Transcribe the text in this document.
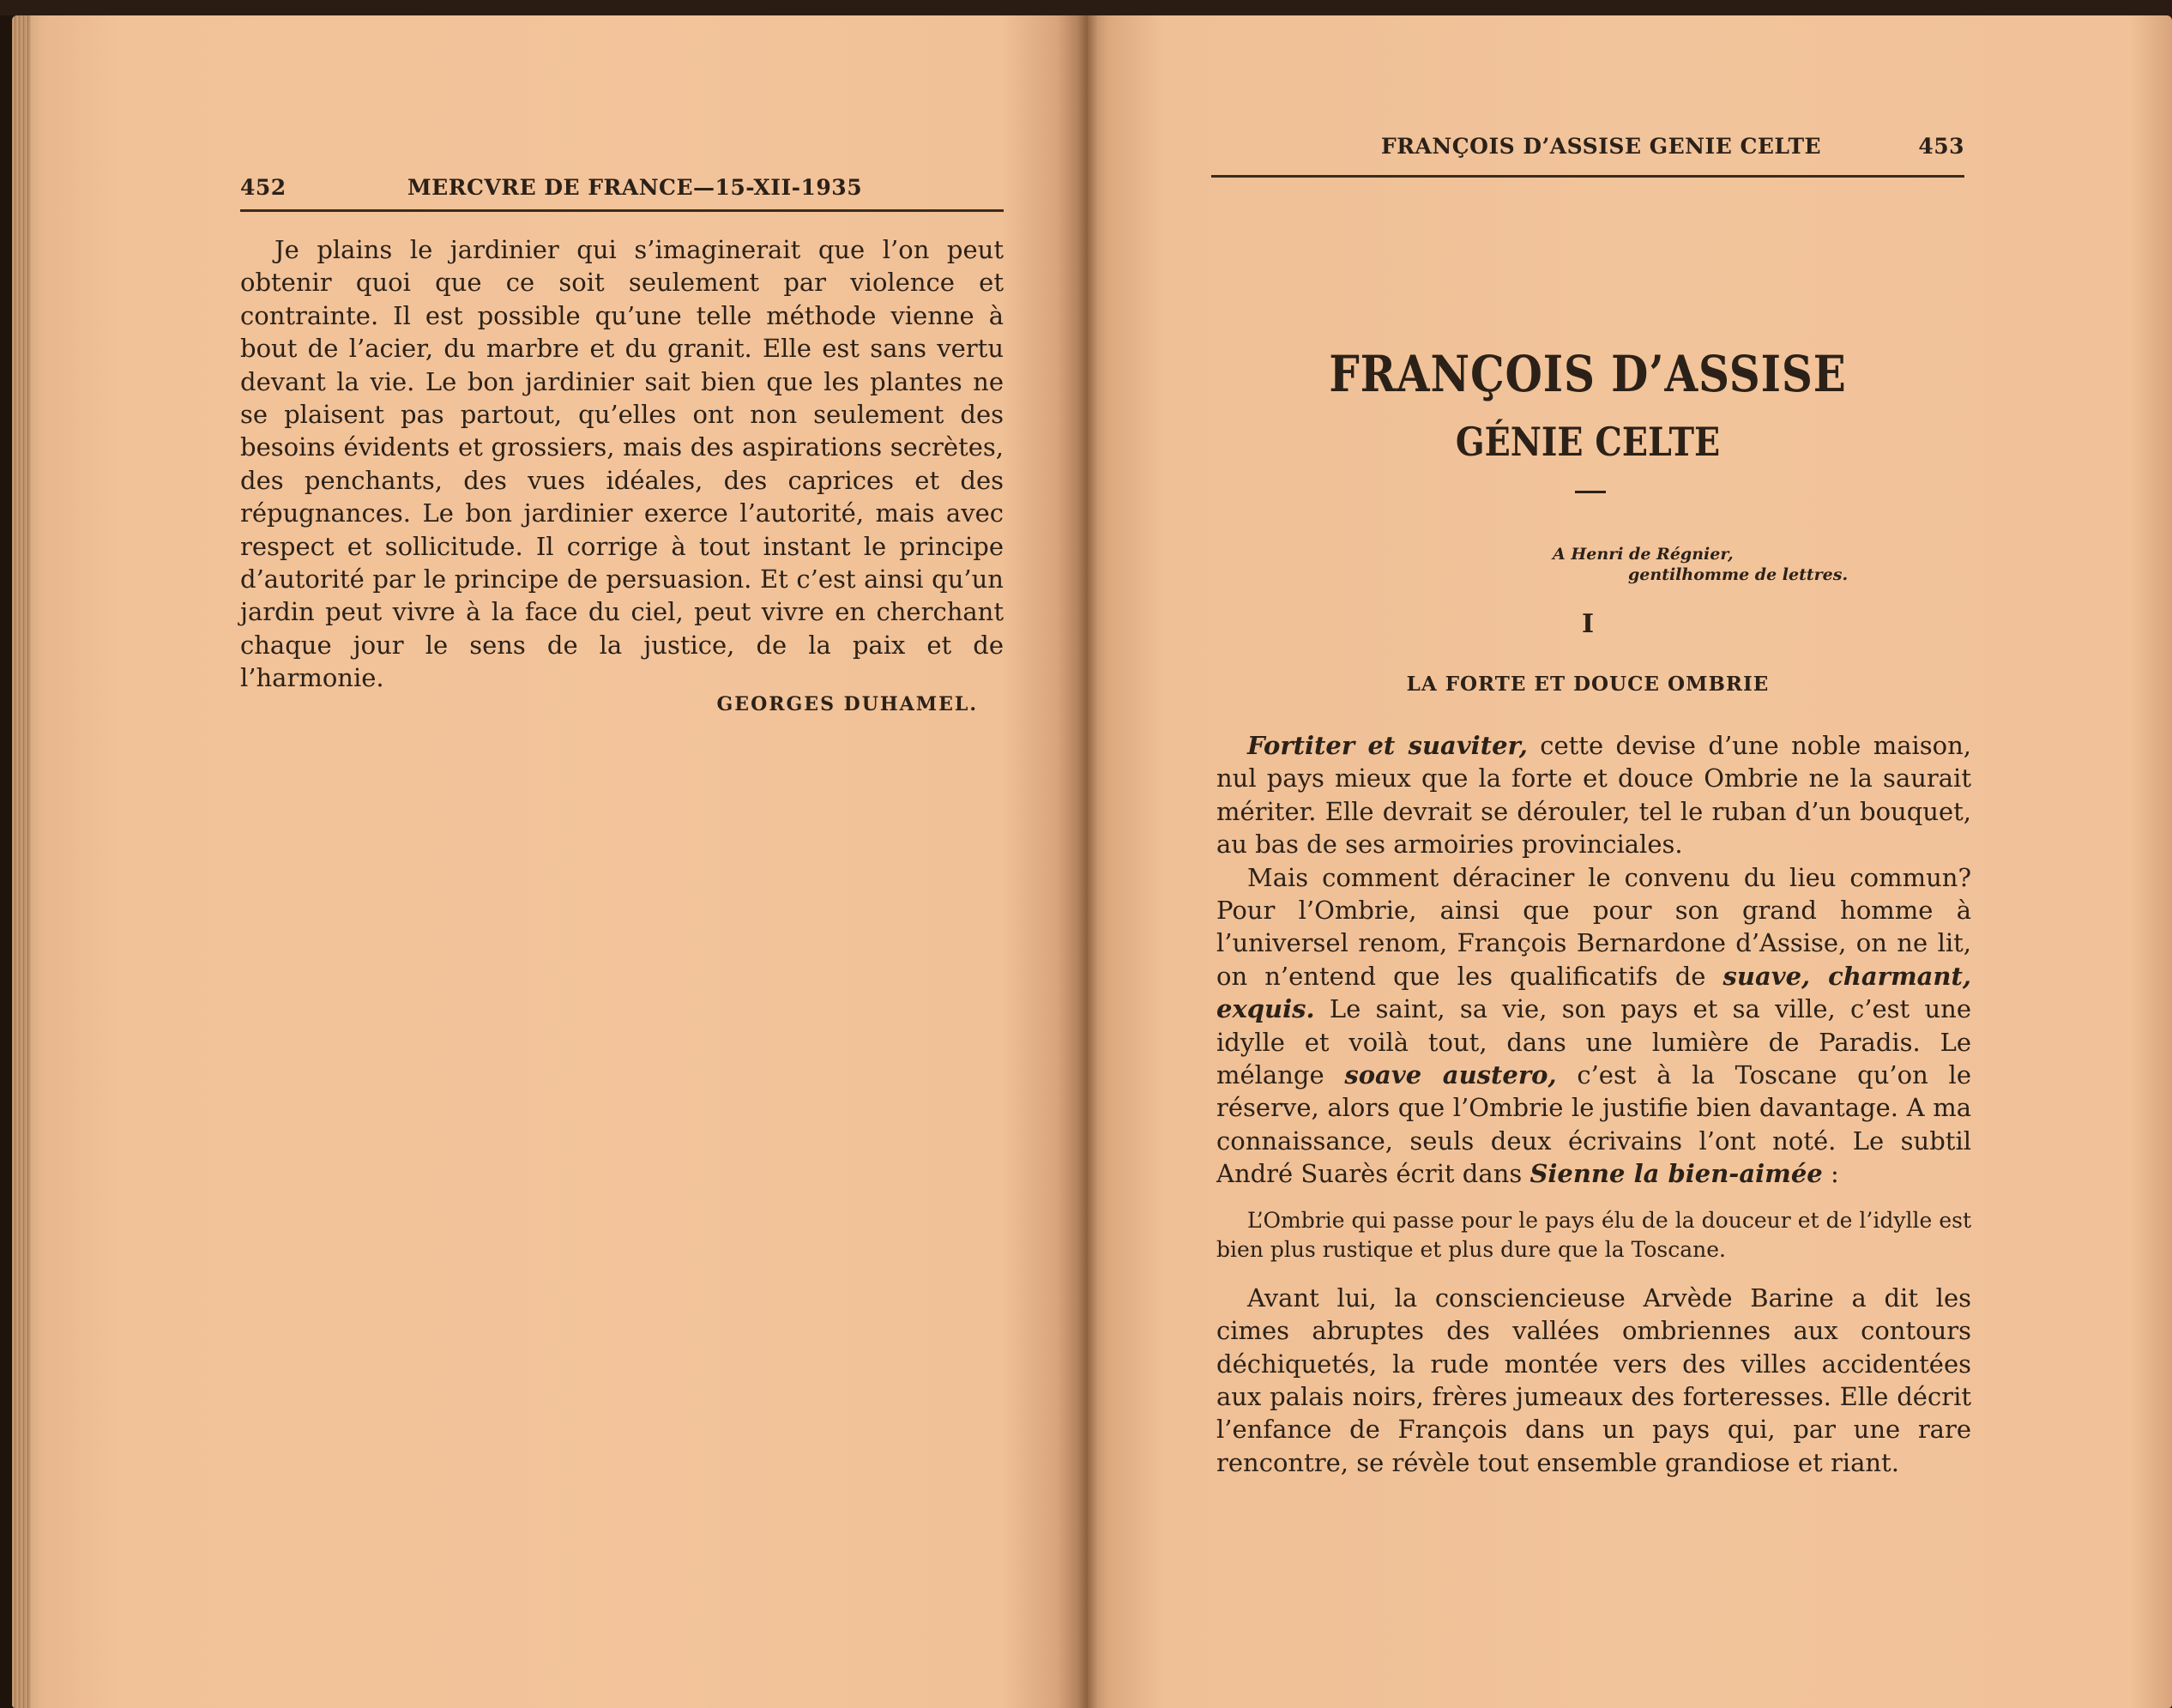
452	MERCVRE DE FRANCE—15-XII-1935

Je plains le jardinier qui s’imaginerait que l’on peut obtenir quoi que ce soit seulement par violence et contrainte. Il est possible qu’une telle méthode vienne à bout de l’acier, du marbre et du granit. Elle est sans vertu devant la vie. Le bon jardinier sait bien que les plantes ne se plaisent pas partout, qu’elles ont non seulement des besoins évidents et grossiers, mais des aspirations secrètes, des penchants, des vues idéales, des caprices et des répugnances. Le bon jardinier exerce l’autorité, mais avec respect et sollicitude. Il corrige à tout instant le principe d’autorité par le principe de persuasion. Et c’est ainsi qu’un jardin peut vivre à la face du ciel, peut vivre en cherchant chaque jour le sens de la justice, de la paix et de l’harmonie.

GEORGES DUHAMEL.
FRANÇOIS D’ASSISE GENIE CELTE	453
FRANÇOIS D’ASSISE
GÉNIE CELTE
A Henri de Régnier,
gentilhomme de lettres.
I
LA FORTE ET DOUCE OMBRIE

Fortiter et suaviter, cette devise d’une noble maison, nul pays mieux que la forte et douce Ombrie ne la saurait mériter. Elle devrait se dérouler, tel le ruban d’un bouquet, au bas de ses armoiries provinciales.

Mais comment déraciner le convenu du lieu commun? Pour l’Ombrie, ainsi que pour son grand homme à l’universel renom, François Bernardone d’Assise, on ne lit, on n’entend que les qualificatifs de suave, charmant, exquis. Le saint, sa vie, son pays et sa ville, c’est une idylle et voilà tout, dans une lumière de Paradis. Le mélange soave austero, c’est à la Toscane qu’on le réserve, alors que l’Ombrie le justifie bien davantage. A ma connaissance, seuls deux écrivains l’ont noté. Le subtil André Suarès écrit dans Sienne la bien-aimée :

L’Ombrie qui passe pour le pays élu de la douceur et de l’idylle est bien plus rustique et plus dure que la Toscane.

Avant lui, la consciencieuse Arvède Barine a dit les cimes abruptes des vallées ombriennes aux contours déchiquetés, la rude montée vers des villes accidentées aux palais noirs, frères jumeaux des forteresses. Elle décrit l’enfance de François dans un pays qui, par une rare rencontre, se révèle tout ensemble grandiose et riant.
